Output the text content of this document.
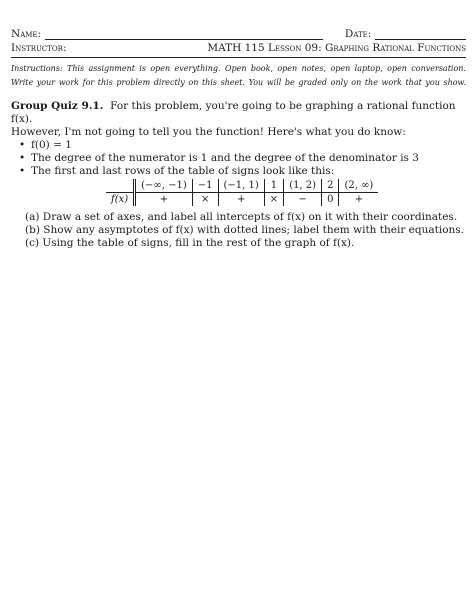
Name:	Date:
Instructor:	MATH 115 Lesson 09: Graphing Rational Functions
Instructions: This assignment is open everything. Open book, open notes, open laptop, open conversation.
Write your work for this problem directly on this sheet. You will be graded only on the work that you show.
Group Quiz 9.1. For this problem, you're going to be graphing a rational function f(x).
However, I'm not going to tell you the function! Here's what you do know:
• f(0) = 1
• The degree of the numerator is 1 and the degree of the denominator is 3
• The first and last rows of the table of signs look like this:
	(−∞, −1)	−1	(−1, 1)	1	(1, 2)	2	(2, ∞)
f(x)	+	×	+	×	−	0	+
(a) Draw a set of axes, and label all intercepts of f(x) on it with their coordinates.
(b) Show any asymptotes of f(x) with dotted lines; label them with their equations.
(c) Using the table of signs, fill in the rest of the graph of f(x).
